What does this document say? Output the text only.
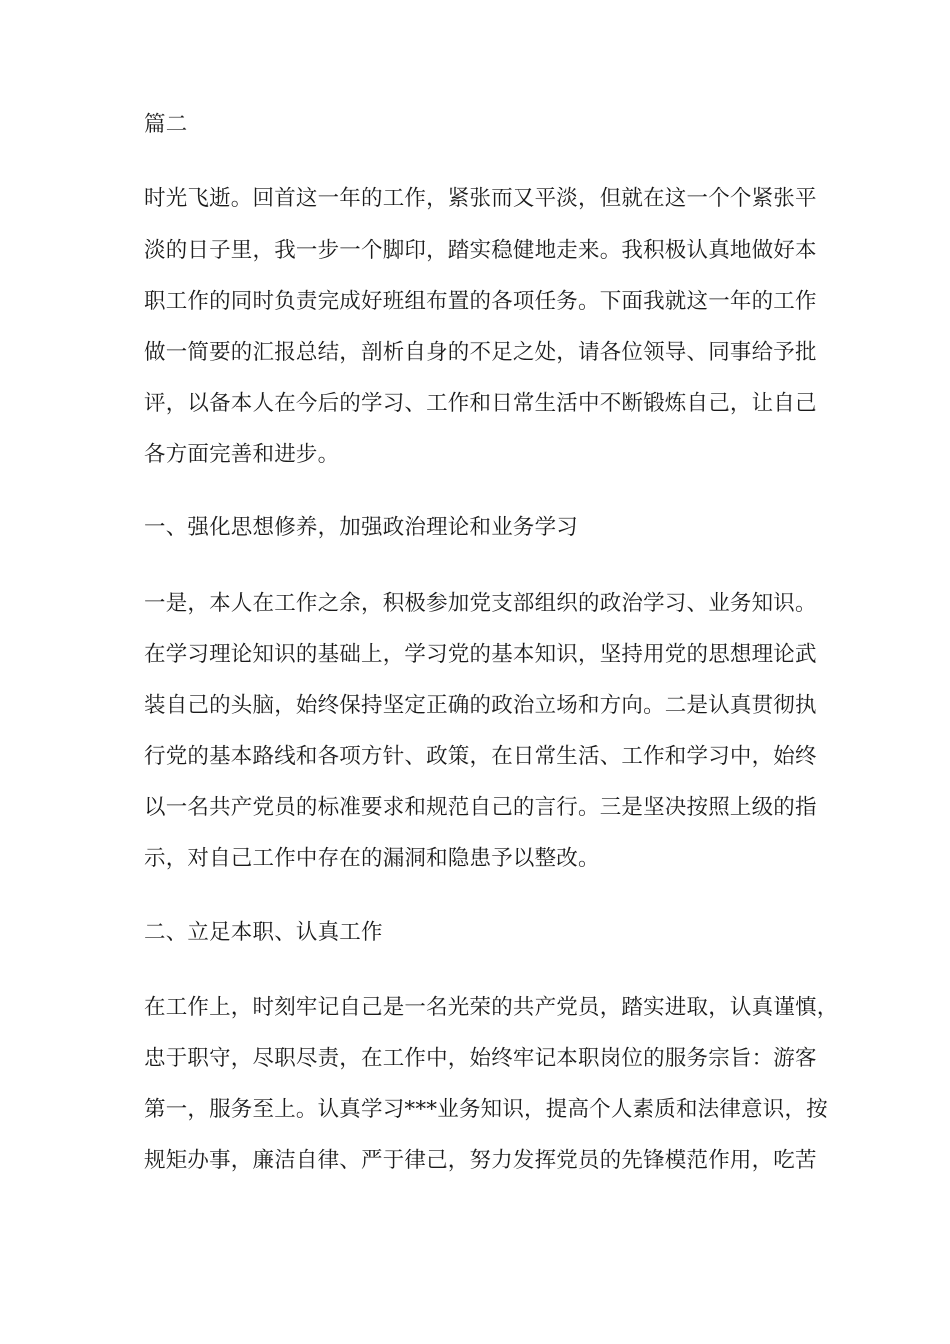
篇二
时光飞逝。回首这一年的工作，紧张而又平淡，但就在这一个个紧张平
淡的日子里，我一步一个脚印，踏实稳健地走来。我积极认真地做好本
职工作的同时负责完成好班组布置的各项任务。下面我就这一年的工作
做一简要的汇报总结，剖析自身的不足之处，请各位领导、同事给予批
评，以备本人在今后的学习、工作和日常生活中不断锻炼自己，让自己
各方面完善和进步。
一、强化思想修养，加强政治理论和业务学习
一是，本人在工作之余，积极参加党支部组织的政治学习、业务知识。
在学习理论知识的基础上，学习党的基本知识，坚持用党的思想理论武
装自己的头脑，始终保持坚定正确的政治立场和方向。二是认真贯彻执
行党的基本路线和各项方针、政策，在日常生活、工作和学习中，始终
以一名共产党员的标准要求和规范自己的言行。三是坚决按照上级的指
示，对自己工作中存在的漏洞和隐患予以整改。
二、立足本职、认真工作
在工作上，时刻牢记自己是一名光荣的共产党员，踏实进取，认真谨慎，
忠于职守，尽职尽责，在工作中，始终牢记本职岗位的服务宗旨：游客
第一，服务至上。认真学习***业务知识，提高个人素质和法律意识，按
规矩办事，廉洁自律、严于律己，努力发挥党员的先锋模范作用，吃苦
